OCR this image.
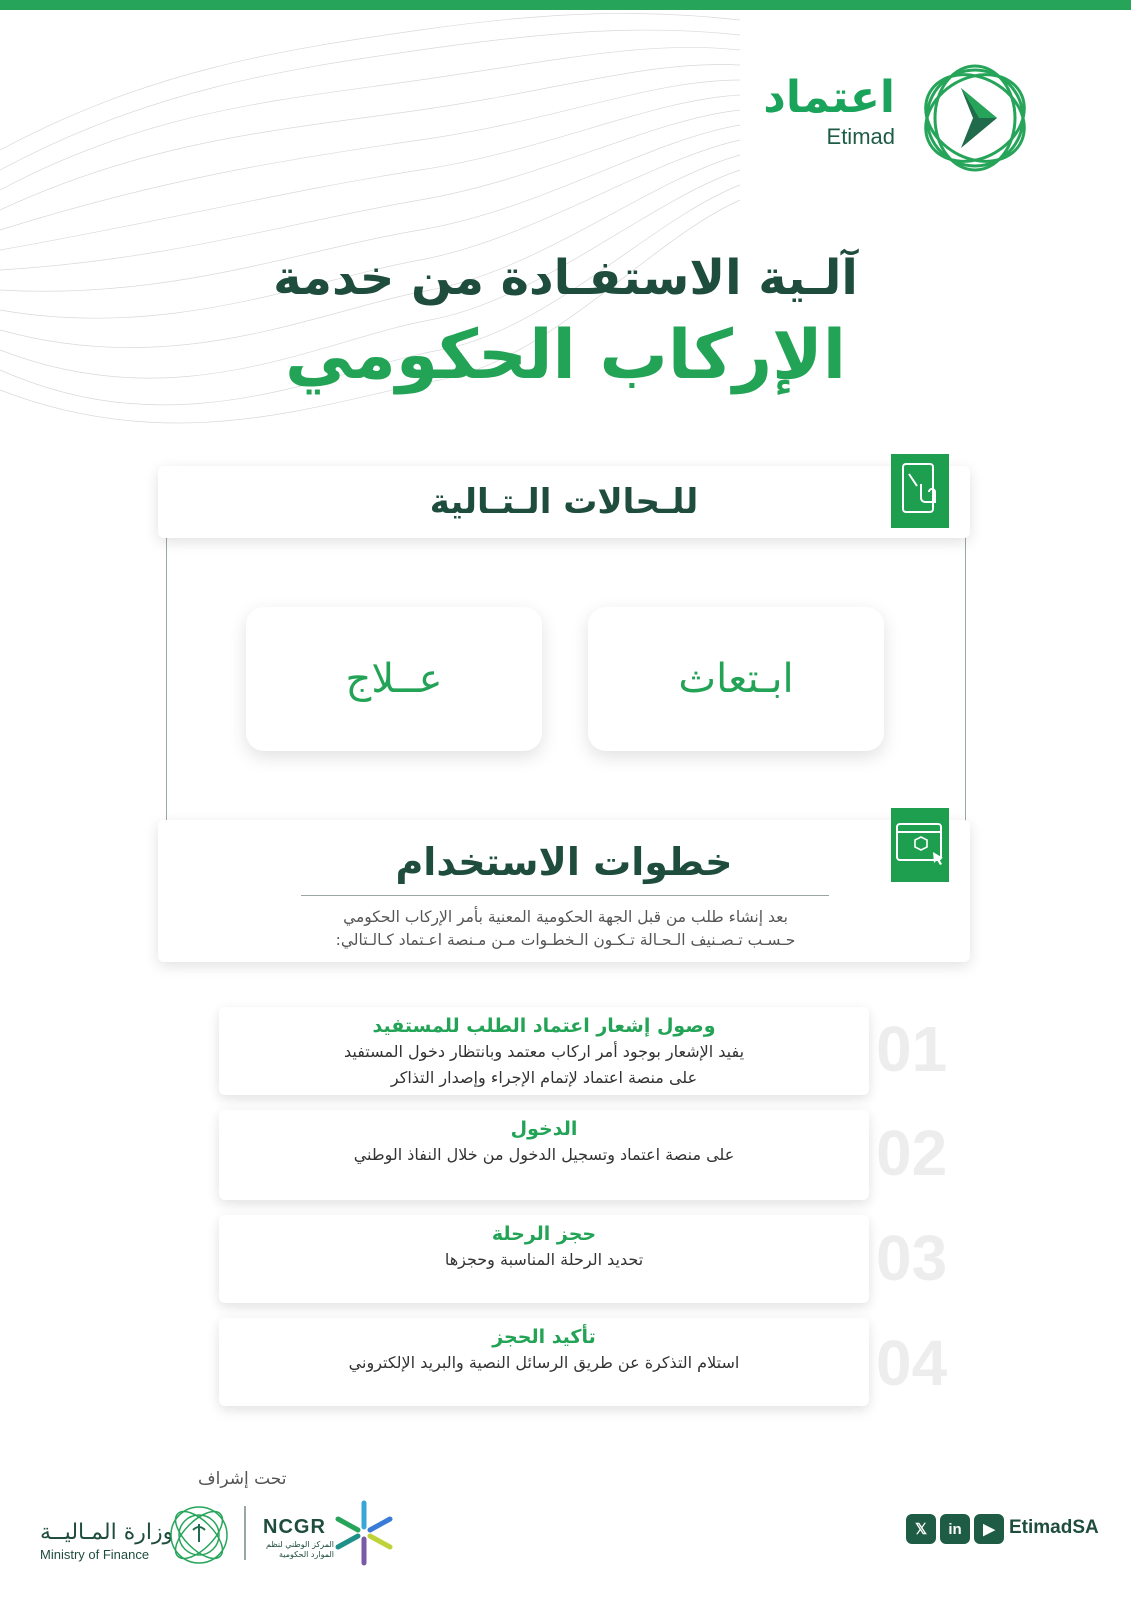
اعتماد
Etimad
آلـية الاستفـادة من خدمة
الإركاب الحكومي
للـحالات الـتـالية
ابـتعاث
عــلاج
خطوات الاستخدام
بعد إنشاء طلب من قبل الجهة الحكومية المعنية بأمر الإركاب الحكومي
حـسـب تـصـنيف الـحـالة تـكـون الـخطـوات مـن مـنصة اعـتماد كـالـتالي:
وصول إشعار اعتماد الطلب للمستفيد
يفيد الإشعار بوجود أمر اركاب معتمد وبانتظار دخول المستفيد
على منصة اعتماد لإتمام الإجراء وإصدار التذاكر	01
الدخول
على منصة اعتماد وتسجيل الدخول من خلال النفاذ الوطني	02
حجز الرحلة
تحديد الرحلة المناسبة وحجزها	03
تأكيد الحجز
استلام التذكرة عن طريق الرسائل النصية والبريد الإلكتروني	04
تحت إشراف
وزارة المـاليــة
Ministry of Finance
NCGR
المركز الوطني لنظم الموارد الحكومية
𝕏	in	▶ EtimadSA
